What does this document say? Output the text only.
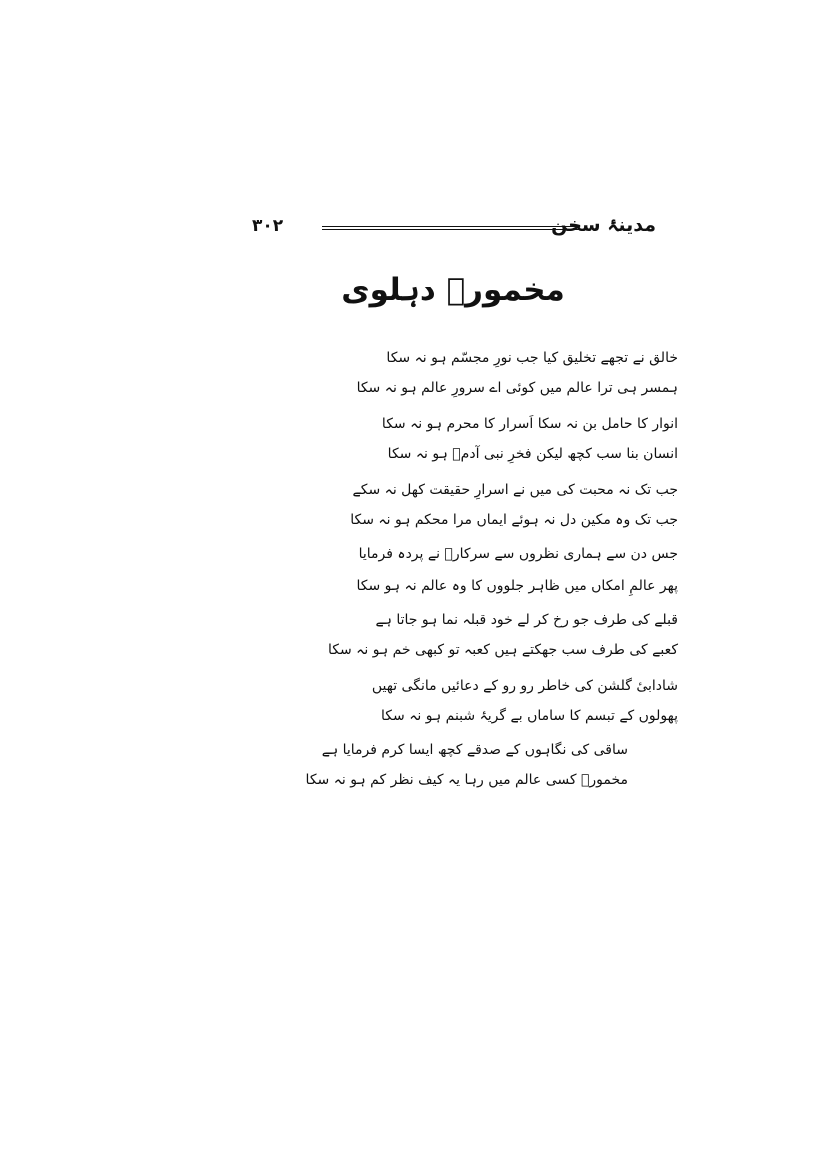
مدینۂ سخن
۳۰۲
مخمورؔ دہلوی
خالق نے تجھے تخلیق کیا جب نورِ مجسّم ہو نہ سکا
ہمسر ہی ترا عالم میں کوئی اے سرورِ عالم ہو نہ سکا
انوار کا حامل بن نہ سکا اَسرار کا محرم ہو نہ سکا
انسان بنا سب کچھ لیکن فخرِ نبی آدمؑ ہو نہ سکا
جب تک نہ محبت کی میں نے اسرارِ حقیقت کھل نہ سکے
جب تک وہ مکین دل نہ ہوئے ایماں مرا محکم ہو نہ سکا
جس دن سے ہماری نظروں سے سرکارؐ نے پردہ فرمایا
پھر عالمِ امکاں میں ظاہر جلووں کا وہ عالم نہ ہو سکا
قبلے کی طرف جو رخ کر لے خود قبلہ نما ہو جاتا ہے
کعبے کی طرف سب جھکتے ہیں کعبہ تو کبھی خم ہو نہ سکا
شادابیٔ گلشن کی خاطر رو رو کے دعائیں مانگی تھیں
پھولوں کے تبسم کا ساماں بے گریۂ شبنم ہو نہ سکا
ساقی کی نگاہوں کے صدقے کچھ ایسا کرم فرمایا ہے
مخمورؔ کسی عالم میں رہا یہ کیف نظر کم ہو نہ سکا
